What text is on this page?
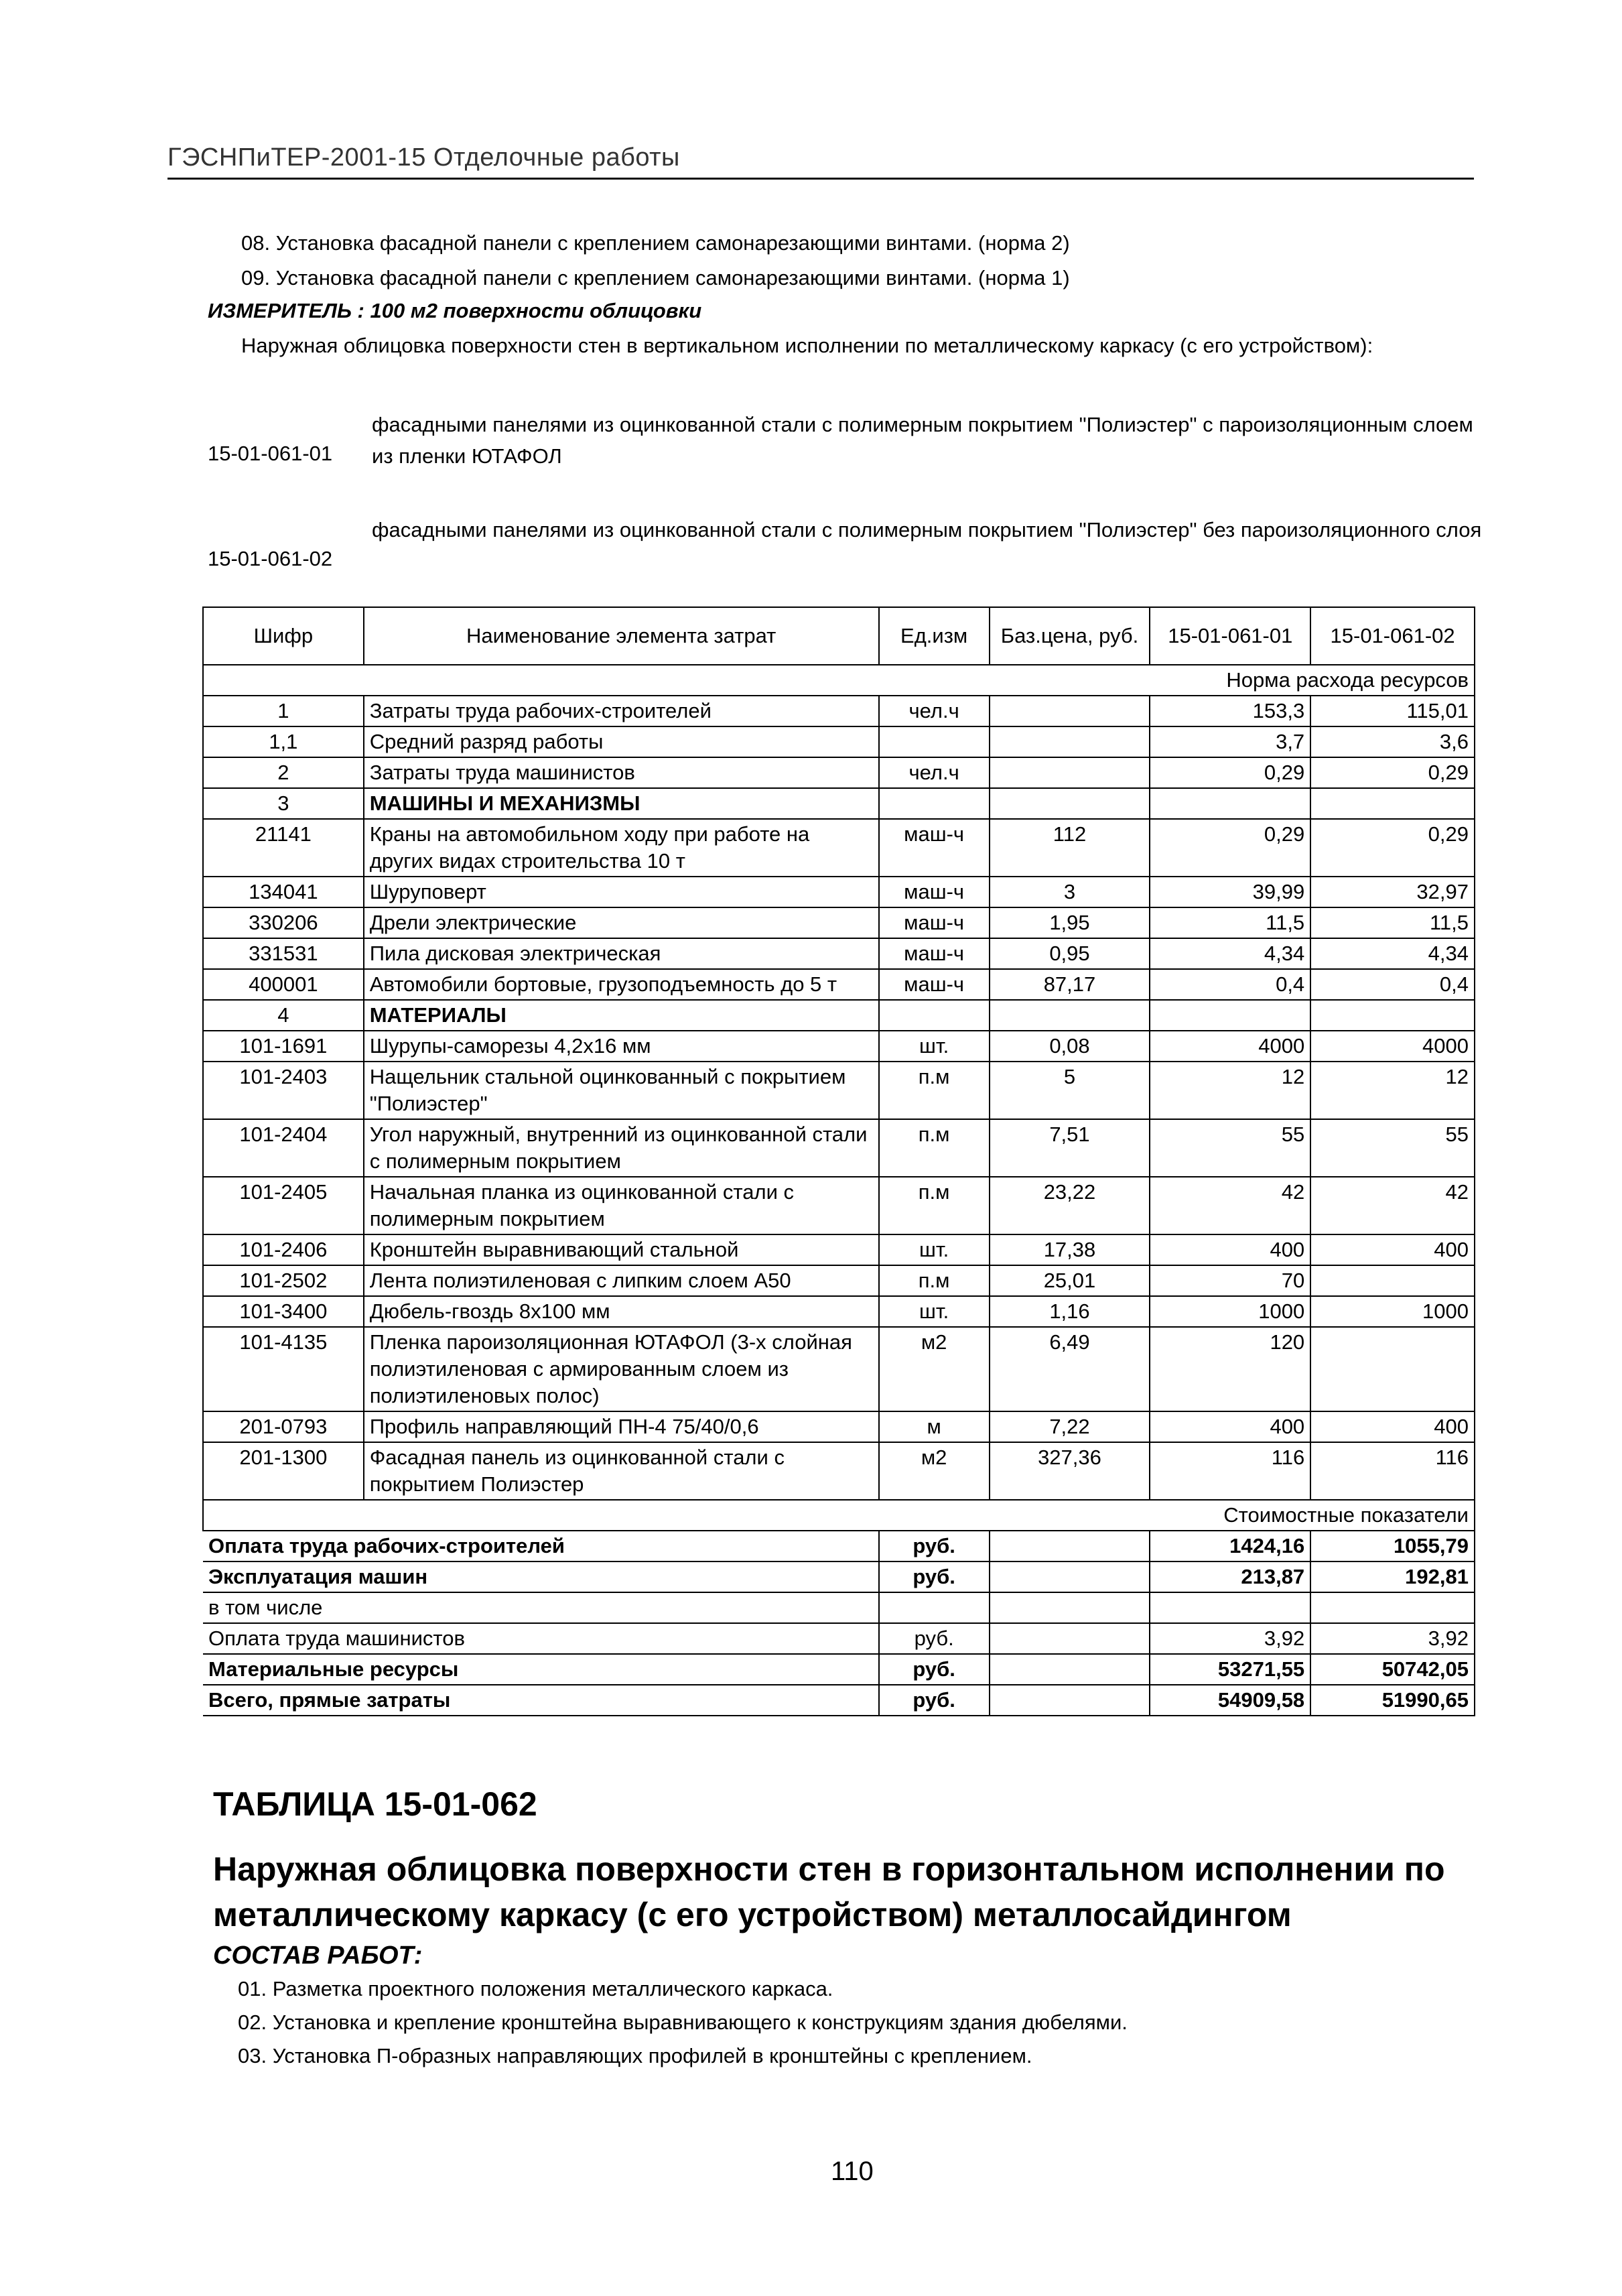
ГЭСНПиТЕР-2001-15 Отделочные работы
08. Установка фасадной панели с креплением самонарезающими винтами. (норма 2)
09. Установка фасадной панели с креплением самонарезающими винтами. (норма 1)
ИЗМЕРИТЕЛЬ : 100 м2 поверхности облицовки
Наружная облицовка поверхности стен в вертикальном исполнении по металлическому каркасу (с его устройством):
фасадными панелями из оцинкованной стали с полимерным покрытием "Полиэстер" с пароизоляционным слоем из пленки ЮТАФОЛ
15-01-061-01
фасадными панелями из оцинкованной стали с полимерным покрытием "Полиэстер" без пароизоляционного слоя
15-01-061-02
Шифр	Наименование элемента затрат	Ед.изм	Баз.цена, руб.	15-01-061-01	15-01-061-02
Норма расхода ресурсов					
1	Затраты труда рабочих-строителей	чел.ч		153,3	115,01
1,1	Средний разряд работы			3,7	3,6
2	Затраты труда машинистов	чел.ч		0,29	0,29
3	МАШИНЫ И МЕХАНИЗМЫ				
21141	Краны на автомобильном ходу при работе на других видах строительства 10 т	маш-ч	112	0,29	0,29
134041	Шуруповерт	маш-ч	3	39,99	32,97
330206	Дрели электрические	маш-ч	1,95	11,5	11,5
331531	Пила дисковая электрическая	маш-ч	0,95	4,34	4,34
400001	Автомобили бортовые, грузоподъемность до 5 т	маш-ч	87,17	0,4	0,4
4	МАТЕРИАЛЫ				
101-1691	Шурупы-саморезы 4,2х16 мм	шт.	0,08	4000	4000
101-2403	Нащельник стальной оцинкованный с покрытием "Полиэстер"	п.м	5	12	12
101-2404	Угол наружный, внутренний из оцинкованной стали с полимерным покрытием	п.м	7,51	55	55
101-2405	Начальная планка из оцинкованной стали с полимерным покрытием	п.м	23,22	42	42
101-2406	Кронштейн выравнивающий стальной	шт.	17,38	400	400
101-2502	Лента полиэтиленовая с липким слоем А50	п.м	25,01	70	
101-3400	Дюбель-гвоздь 8х100 мм	шт.	1,16	1000	1000
101-4135	Пленка пароизоляционная ЮТАФОЛ (3-х слойная полиэтиленовая с армированным слоем из полиэтиленовых полос)	м2	6,49	120	
201-0793	Профиль направляющий ПН-4 75/40/0,6	м	7,22	400	400
201-1300	Фасадная панель из оцинкованной стали с покрытием Полиэстер	м2	327,36	116	116
Стоимостные показатели					
Оплата труда рабочих-строителей		руб.		1424,16	1055,79
Эксплуатация машин		руб.		213,87	192,81
в том числе					
Оплата труда машинистов		руб.		3,92	3,92
Материальные ресурсы		руб.		53271,55	50742,05
Всего, прямые затраты		руб.		54909,58	51990,65
ТАБЛИЦА 15-01-062
Наружная облицовка поверхности стен в горизонтальном исполнении по металлическому каркасу (с его устройством) металлосайдингом
СОСТАВ РАБОТ:
01. Разметка проектного положения металлического каркаса.
02. Установка и крепление кронштейна выравнивающего к конструкциям здания дюбелями.
03. Установка П-образных направляющих профилей в кронштейны с креплением.
110
